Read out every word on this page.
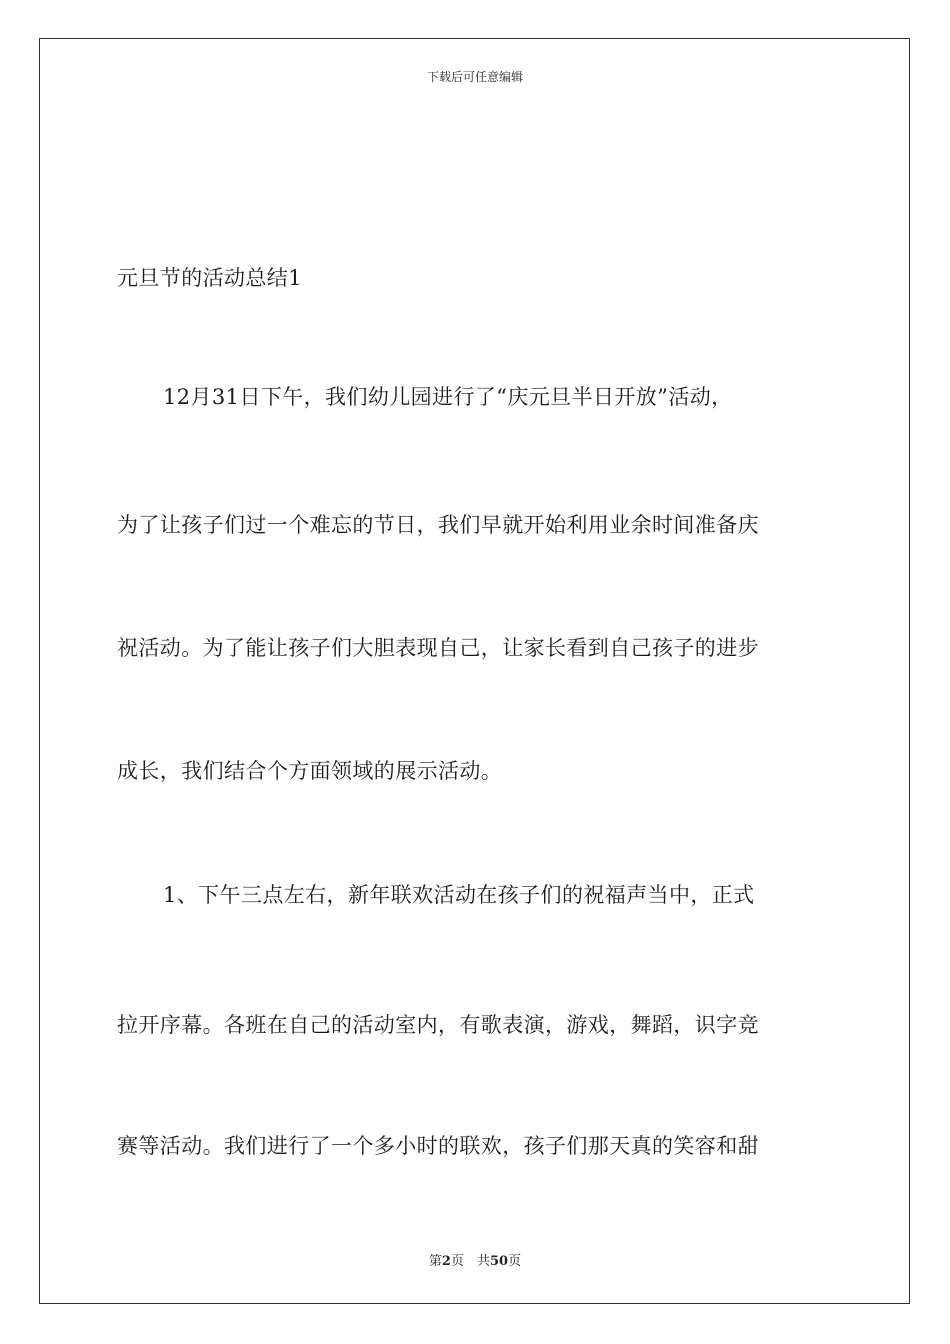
下载后可任意编辑
元旦节的活动总结1
12月31日下午，我们幼儿园进行了“庆元旦半日开放”活动，
为了让孩子们过一个难忘的节日，我们早就开始利用业余时间准备庆
祝活动。为了能让孩子们大胆表现自己，让家长看到自己孩子的进步
成长，我们结合个方面领域的展示活动。
1、下午三点左右，新年联欢活动在孩子们的祝福声当中，正式
拉开序幕。各班在自己的活动室内，有歌表演，游戏，舞蹈，识字竞
赛等活动。我们进行了一个多小时的联欢，孩子们那天真的笑容和甜
第2页　共50页
